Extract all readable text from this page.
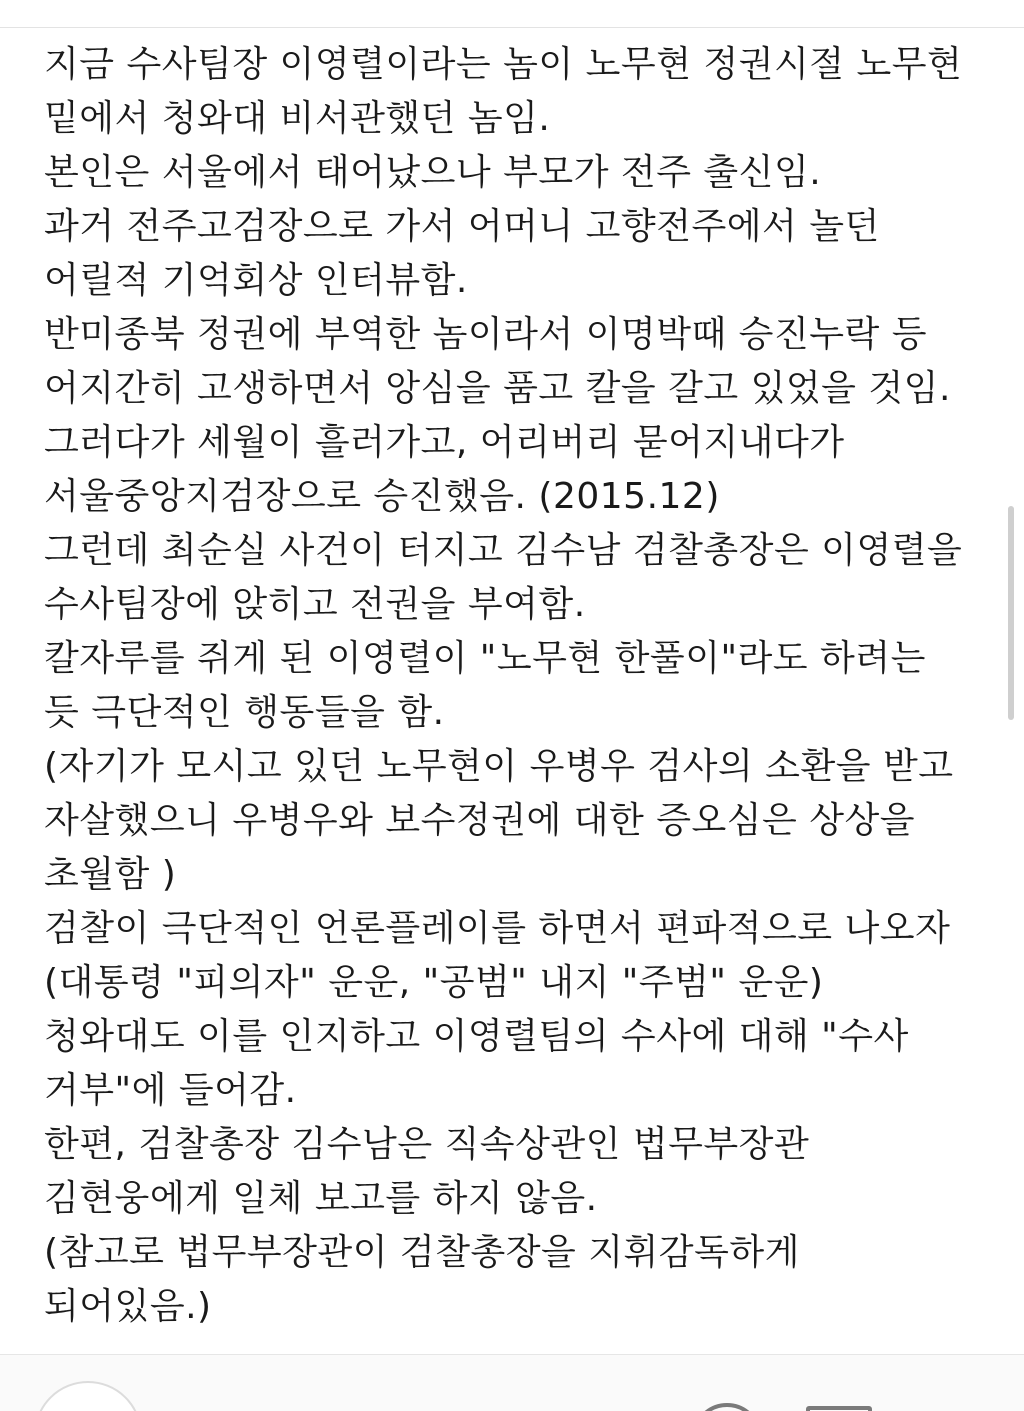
지금 수사팀장 이영렬이라는 놈이 노무현 정권시절 노무현
밑에서 청와대 비서관했던 놈임.
본인은 서울에서 태어났으나 부모가 전주 출신임.
과거 전주고검장으로 가서 어머니 고향전주에서 놀던
어릴적 기억회상 인터뷰함.
반미종북 정권에 부역한 놈이라서 이명박때 승진누락 등
어지간히 고생하면서 앙심을 품고 칼을 갈고 있었을 것임.
그러다가 세월이 흘러가고, 어리버리 묻어지내다가
서울중앙지검장으로 승진했음. (2015.12)
그런데 최순실 사건이 터지고 김수남 검찰총장은 이영렬을
수사팀장에 앉히고 전권을 부여함.
칼자루를 쥐게 된 이영렬이 "노무현 한풀이"라도 하려는
듯 극단적인 행동들을 함.
(자기가 모시고 있던 노무현이 우병우 검사의 소환을 받고
자살했으니 우병우와 보수정권에 대한 증오심은 상상을
초월함 )
검찰이 극단적인 언론플레이를 하면서 편파적으로 나오자
(대통령 "피의자" 운운, "공범" 내지 "주범" 운운)
청와대도 이를 인지하고 이영렬팀의 수사에 대해 "수사
거부"에 들어감.
한편, 검찰총장 김수남은 직속상관인 법무부장관
김현웅에게 일체 보고를 하지 않음.
(참고로 법무부장관이 검찰총장을 지휘감독하게
되어있음.)
